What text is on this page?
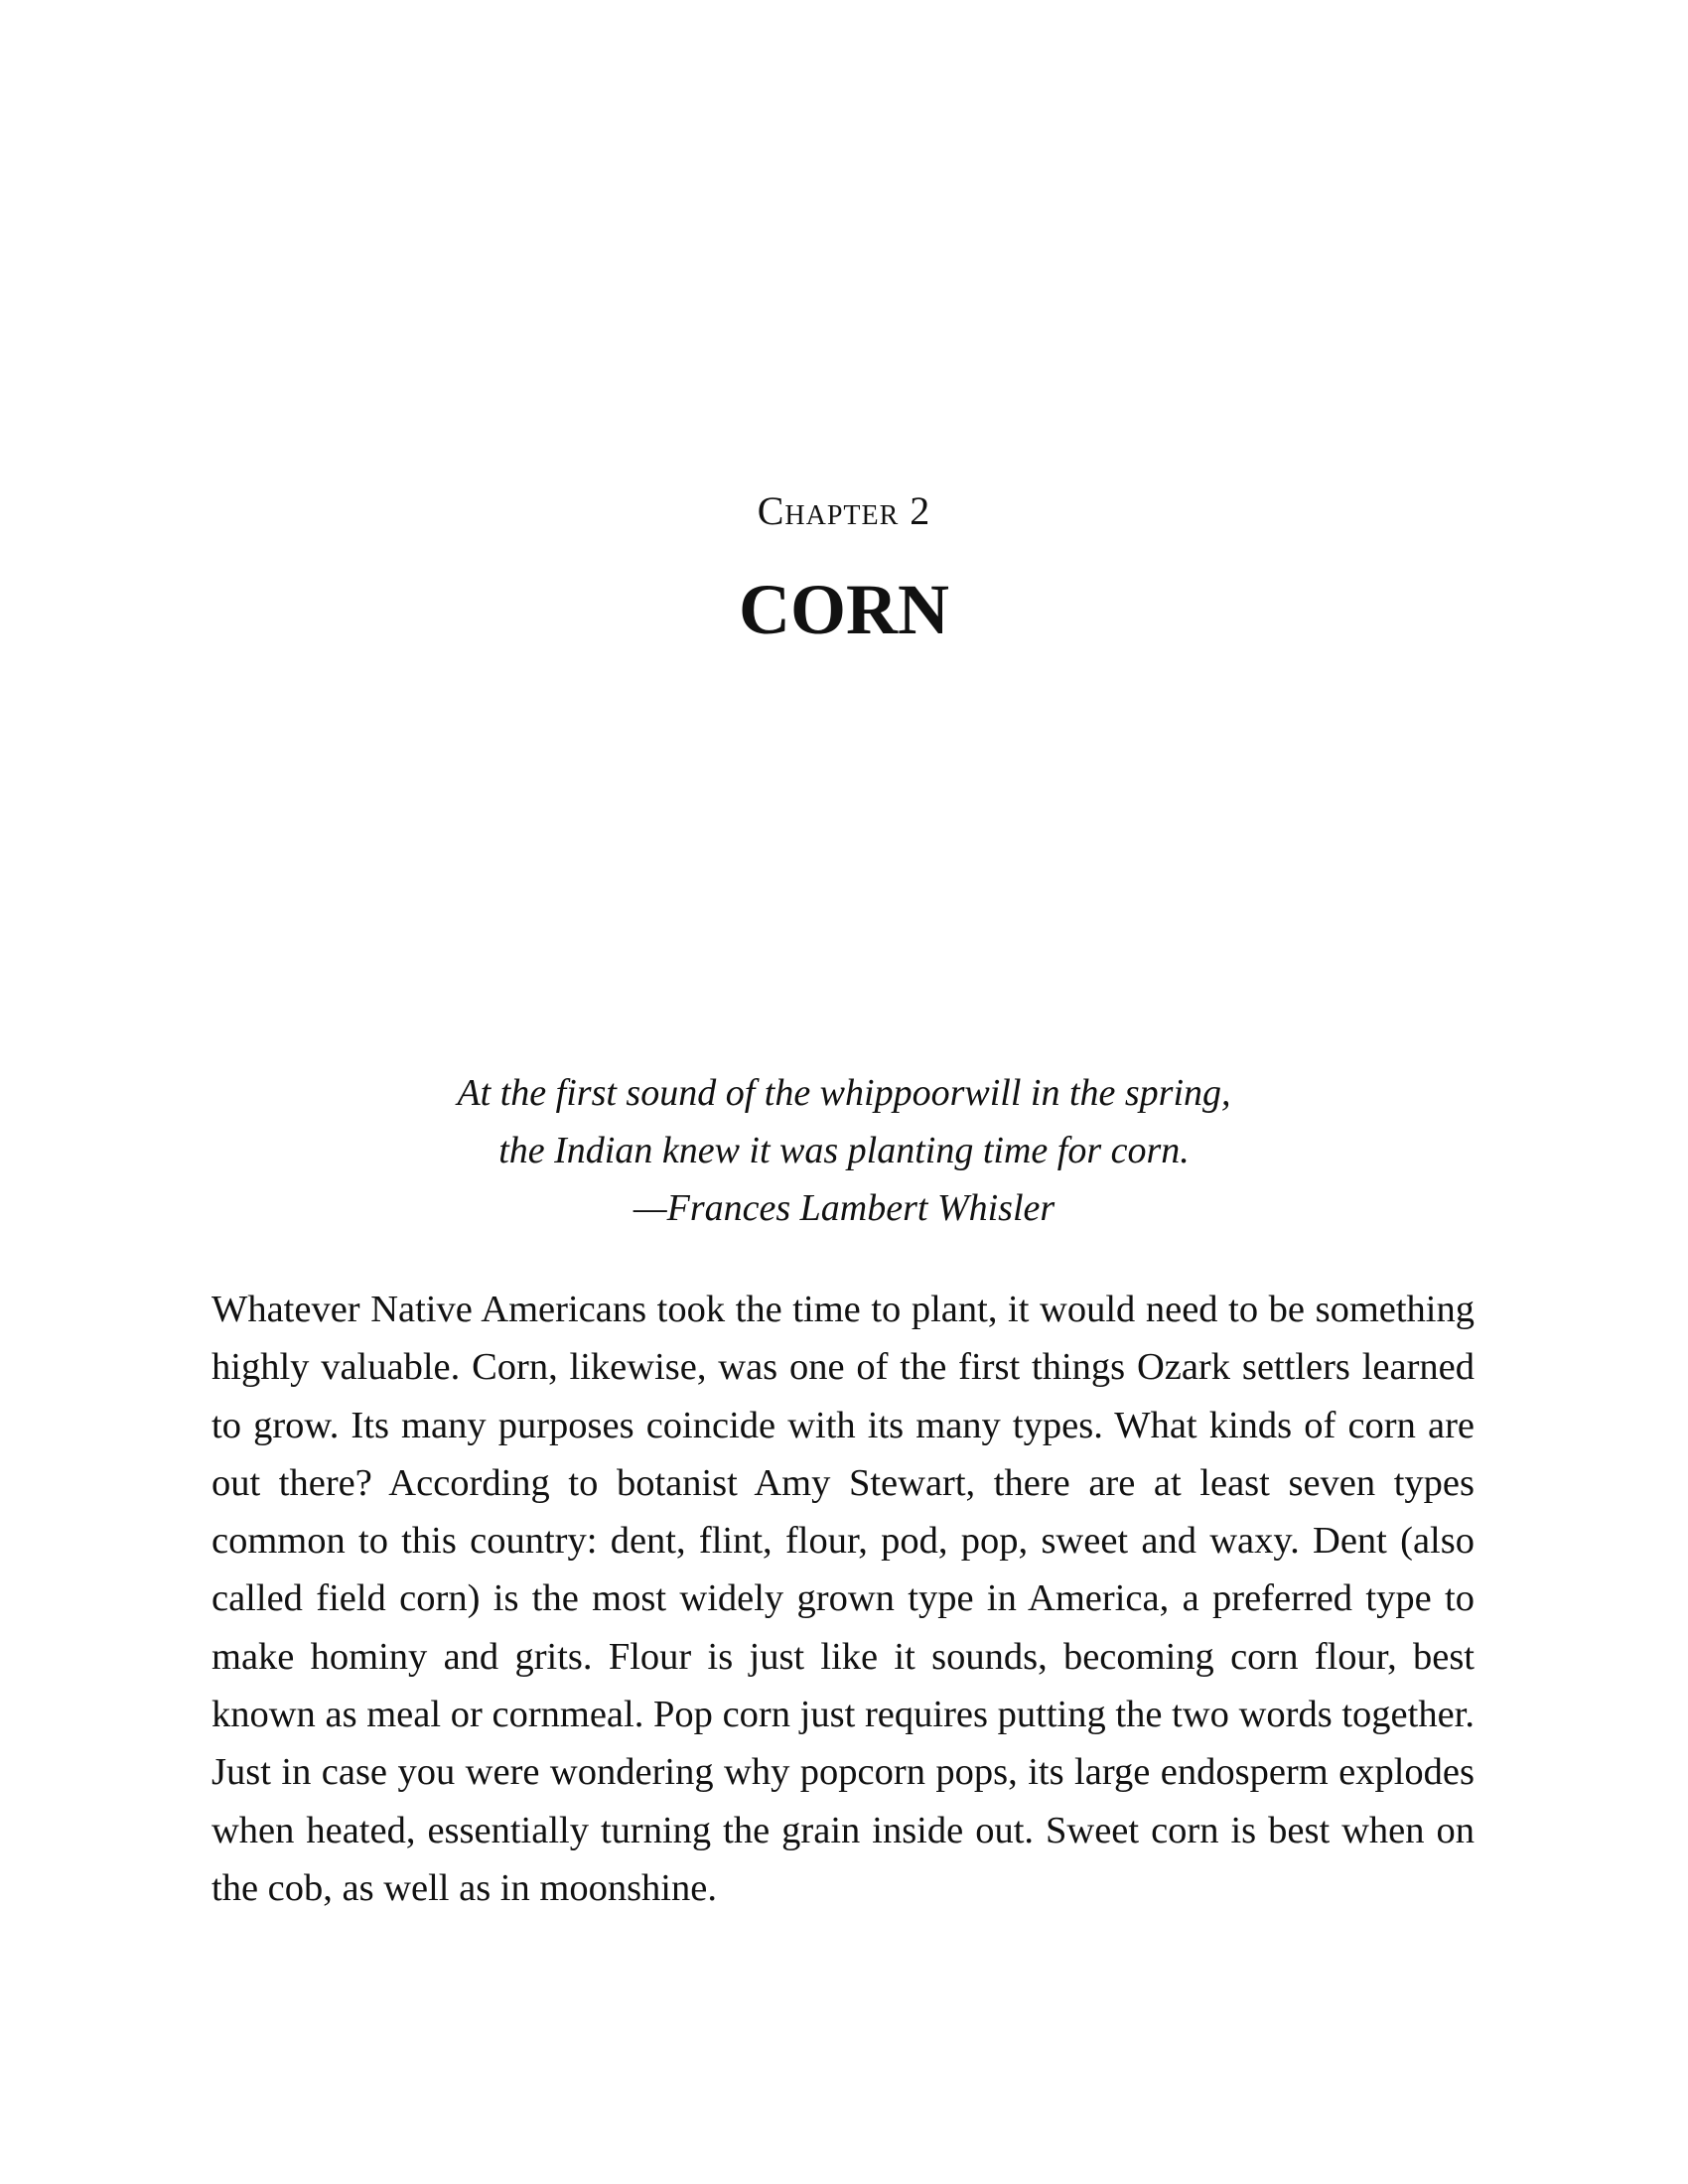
Chapter 2
CORN
At the first sound of the whippoorwill in the spring,
the Indian knew it was planting time for corn.
—Frances Lambert Whisler

Whatever Native Americans took the time to plant, it would need to be something highly valuable. Corn, likewise, was one of the first things Ozark settlers learned to grow. Its many purposes coincide with its many types. What kinds of corn are out there? According to botanist Amy Stewart, there are at least seven types common to this country: dent, flint, flour, pod, pop, sweet and waxy. Dent (also called field corn) is the most widely grown type in America, a preferred type to make hominy and grits. Flour is just like it sounds, becoming corn flour, best known as meal or cornmeal. Pop corn just requires putting the two words together. Just in case you were wondering why popcorn pops, its large endosperm explodes when heated, essentially turning the grain inside out. Sweet corn is best when on the cob, as well as in moonshine.
